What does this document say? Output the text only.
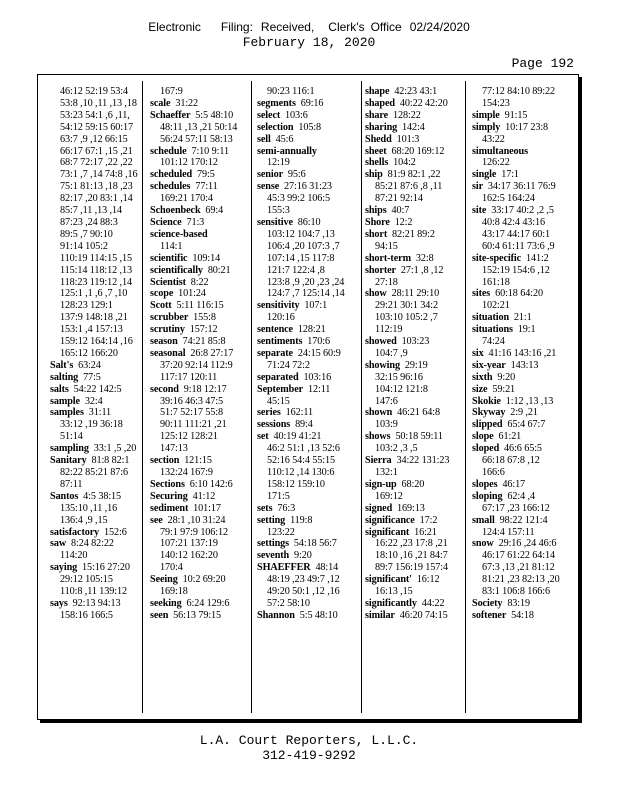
Electronic Filing: Received, Clerk's Office 02/24/2020
February 18, 2020
Page 192
46:12 52:19 53:4
53:8 ,10 ,11 ,13 ,18
53:23 54:1 ,6 ,11,
54:12 59:15 60:17
63:7 ,9 ,12 66:15
66:17 67:1 ,15 ,21
68:7 72:17 ,22 ,22
73:1 ,7 ,14 74:8 ,16
75:1 81:13 ,18 ,23
82:17 ,20 83:1 ,14
85:7 ,11 ,13 ,14
87:23 ,24 88:3
89:5 ,7 90:10
91:14 105:2
110:19 114:15 ,15
115:14 118:12 ,13
118:23 119:12 ,14
125:1 ,1 ,6 ,7 ,10
128:23 129:1
137:9 148:18 ,21
153:1 ,4 157:13
159:12 164:14 ,16
165:12 166:20
Salt's  63:24
salting  77:5
salts  54:22 142:5
sample  32:4
samples  31:11
33:12 ,19 36:18
51:14
sampling  33:1 ,5 ,20
Sanitary  81:8 82:1
82:22 85:21 87:6
87:11
Santos  4:5 38:15
135:10 ,11 ,16
136:4 ,9 ,15
satisfactory  152:6
saw  8:24 82:22
114:20
saying  15:16 27:20
29:12 105:15
110:8 ,11 139:12
says  92:13 94:13
158:16 166:5
167:9
scale  31:22
Schaeffer  5:5 48:10
48:11 ,13 ,21 50:14
56:24 57:11 58:13
schedule  7:10 9:11
101:12 170:12
scheduled  79:5
schedules  77:11
169:21 170:4
Schoenbeck  69:4
Science  71:3
science-based
114:1
scientific  109:14
scientifically  80:21
Scientist  8:22
scope  101:24
Scott  5:11 116:15
scrubber  155:8
scrutiny  157:12
season  74:21 85:8
seasonal  26:8 27:17
37:20 92:14 112:9
117:17 120:11
second  9:18 12:17
39:16 46:3 47:5
51:7 52:17 55:8
90:11 111:21 ,21
125:12 128:21
147:13
section  121:15
132:24 167:9
Sections  6:10 142:6
Securing  41:12
sediment  101:17
see  28:1 ,10 31:24
79:1 97:9 106:12
107:21 137:19
140:12 162:20
170:4
Seeing  10:2 69:20
169:18
seeking  6:24 129:6
seen  56:13 79:15
90:23 116:1
segments  69:16
select  103:6
selection  105:8
sell  45:6
semi-annually
12:19
senior  95:6
sense  27:16 31:23
45:3 99:2 106:5
155:3
sensitive  86:10
103:12 104:7 ,13
106:4 ,20 107:3 ,7
107:14 ,15 117:8
121:7 122:4 ,8
123:8 ,9 ,20 ,23 ,24
124:7 ,7 125:14 ,14
sensitivity  107:1
120:16
sentence  128:21
sentiments  170:6
separate  24:15 60:9
71:24 72:2
separated  103:16
September  12:11
45:15
series  162:11
sessions  89:4
set  40:19 41:21
46:2 51:1 ,13 52:6
52:16 54:4 55:15
110:12 ,14 130:6
158:12 159:10
171:5
sets  76:3
setting  119:8
123:22
settings  54:18 56:7
seventh  9:20
SHAEFFER  48:14
48:19 ,23 49:7 ,12
49:20 50:1 ,12 ,16
57:2 58:10
Shannon  5:5 48:10
shape  42:23 43:1
shaped  40:22 42:20
share  128:22
sharing  142:4
Shedd  101:3
sheet  68:20 169:12
shells  104:2
ship  81:9 82:1 ,22
85:21 87:6 ,8 ,11
87:21 92:14
ships  40:7
Shore  12:2
short  82:21 89:2
94:15
short-term  32:8
shorter  27:1 ,8 ,12
27:18
show  28:11 29:10
29:21 30:1 34:2
103:10 105:2 ,7
112:19
showed  103:23
104:7 ,9
showing  29:19
32:15 96:16
104:12 121:8
147:6
shown  46:21 64:8
103:9
shows  50:18 59:11
103:2 ,3 ,5
Sierra  34:22 131:23
132:1
sign-up  68:20
169:12
signed  169:13
significance  17:2
significant  16:21
16:22 ,23 17:8 ,21
18:10 ,16 ,21 84:7
89:7 156:19 157:4
significant'  16:12
16:13 ,15
significantly  44:22
similar  46:20 74:15
77:12 84:10 89:22
154:23
simple  91:15
simply  10:17 23:8
43:22
simultaneous
126:22
single  17:1
sir  34:17 36:11 76:9
162:5 164:24
site  33:17 40:2 ,2 ,5
40:8 42:4 43:16
43:17 44:17 60:1
60:4 61:11 73:6 ,9
site-specific  141:2
152:19 154:6 ,12
161:18
sites  60:18 64:20
102:21
situation  21:1
situations  19:1
74:24
six  41:16 143:16 ,21
six-year  143:13
sixth  9:20
size  59:21
Skokie  1:12 ,13 ,13
Skyway  2:9 ,21
slipped  65:4 67:7
slope  61:21
sloped  46:6 65:5
66:18 67:8 ,12
166:6
slopes  46:17
sloping  62:4 ,4
67:17 ,23 166:12
small  98:22 121:4
124:4 157:11
snow  29:16 ,24 46:6
46:17 61:22 64:14
67:3 ,13 ,21 81:12
81:21 ,23 82:13 ,20
83:1 106:8 166:6
Society  83:19
softener  54:18
L.A. Court Reporters, L.L.C.
312-419-9292
